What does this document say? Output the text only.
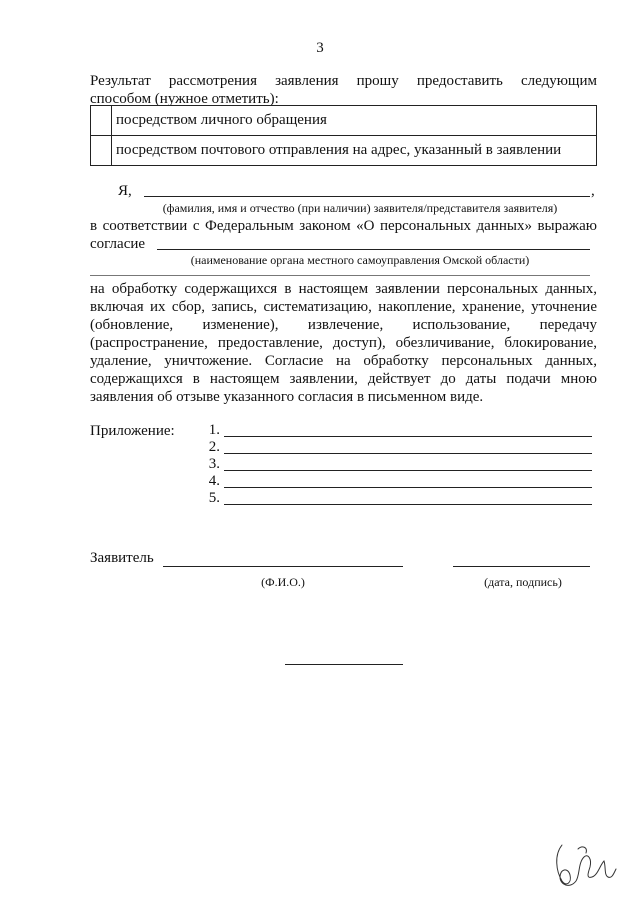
3
Результат рассмотрения заявления прошу предоставить следующим
способом (нужное отметить):
	посредством личного обращения
	посредством почтового отправления на адрес, указанный в заявлении
Я,	,
(фамилия, имя и отчество (при наличии) заявителя/представителя заявителя)
в соответствии с Федеральным законом «О персональных данных» выражаю
согласие
(наименование органа местного самоуправления Омской области)
на обработку содержащихся в настоящем заявлении персональных данных,
включая их сбор, запись, систематизацию, накопление, хранение, уточнение
(обновление, изменение), извлечение, использование, передачу
(распространение, предоставление, доступ), обезличивание, блокирование,
удаление, уничтожение. Согласие на обработку персональных данных,
содержащихся в настоящем заявлении, действует до даты подачи мною
заявления об отзыве указанного согласия в письменном виде.
Приложение:	1.
2.
3.
4.
5.
Заявитель
(Ф.И.О.)	(дата, подпись)
